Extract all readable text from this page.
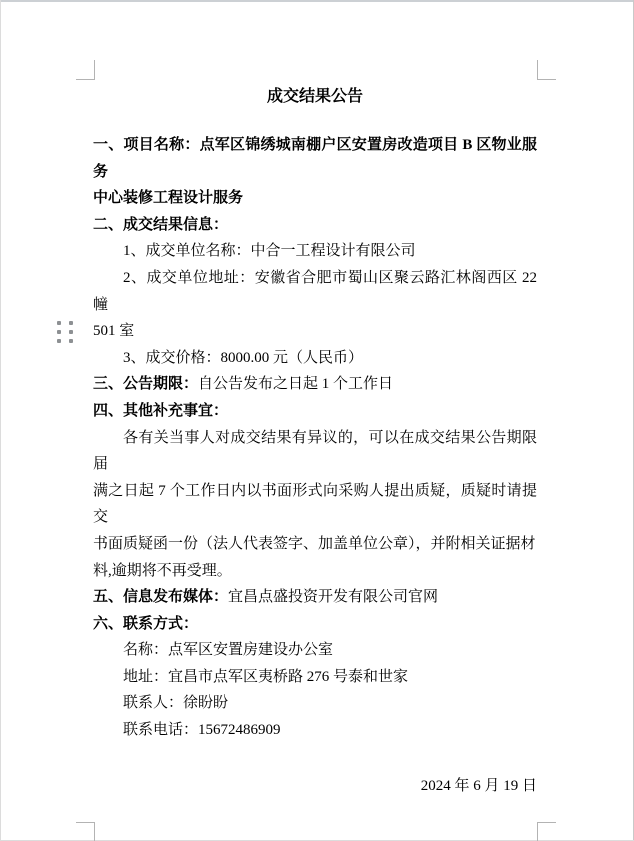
成交结果公告
一、项目名称：点军区锦绣城南棚户区安置房改造项目 B 区物业服务
中心装修工程设计服务
二、成交结果信息：
1、成交单位名称：中合一工程设计有限公司
2、成交单位地址：安徽省合肥市蜀山区聚云路汇林阁西区 22 幢
501 室
3、成交价格：8000.00 元（人民币）
三、公告期限：自公告发布之日起 1 个工作日
四、其他补充事宜：
各有关当事人对成交结果有异议的，可以在成交结果公告期限届
满之日起 7 个工作日内以书面形式向采购人提出质疑，质疑时请提交
书面质疑函一份（法人代表签字、加盖单位公章），并附相关证据材
料,逾期将不再受理。
五、信息发布媒体：宜昌点盛投资开发有限公司官网
六、联系方式：
名称：点军区安置房建设办公室
地址：宜昌市点军区夷桥路 276 号泰和世家
联系人：徐盼盼
联系电话：15672486909
2024 年 6 月 19 日
